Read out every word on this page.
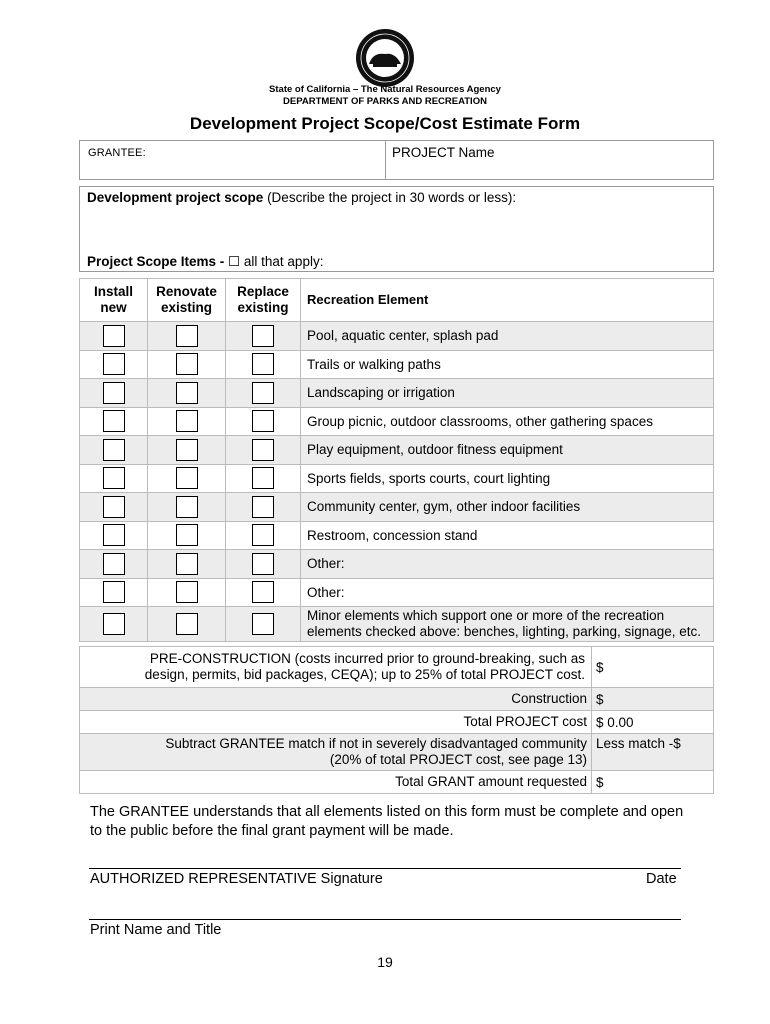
State of California – The Natural Resources Agency
DEPARTMENT OF PARKS AND RECREATION
Development Project Scope/Cost Estimate Form
GRANTEE:	PROJECT Name
Development project scope (Describe the project in 30 words or less):
Project Scope Items - ☐ all that apply:
Install new	Renovate existing	Replace existing	Recreation Element
			Pool, aquatic center, splash pad
			Trails or walking paths
			Landscaping or irrigation
			Group picnic, outdoor classrooms, other gathering spaces
			Play equipment, outdoor fitness equipment
			Sports fields, sports courts, court lighting
			Community center, gym, other indoor facilities
			Restroom, concession stand
			Other:
			Other:
			Minor elements which support one or more of the recreation elements checked above: benches, lighting, parking, signage, etc.
PRE-CONSTRUCTION (costs incurred prior to ground-breaking, such as design, permits, bid packages, CEQA); up to 25% of total PROJECT cost.	$
Construction	$
Total PROJECT cost	$ 0.00
Subtract GRANTEE match if not in severely disadvantaged community (20% of total PROJECT cost, see page 13)	Less match -$
Total GRANT amount requested	$
The GRANTEE understands that all elements listed on this form must be complete and open to the public before the final grant payment will be made.
AUTHORIZED REPRESENTATIVE Signature	Date
Print Name and Title
19
